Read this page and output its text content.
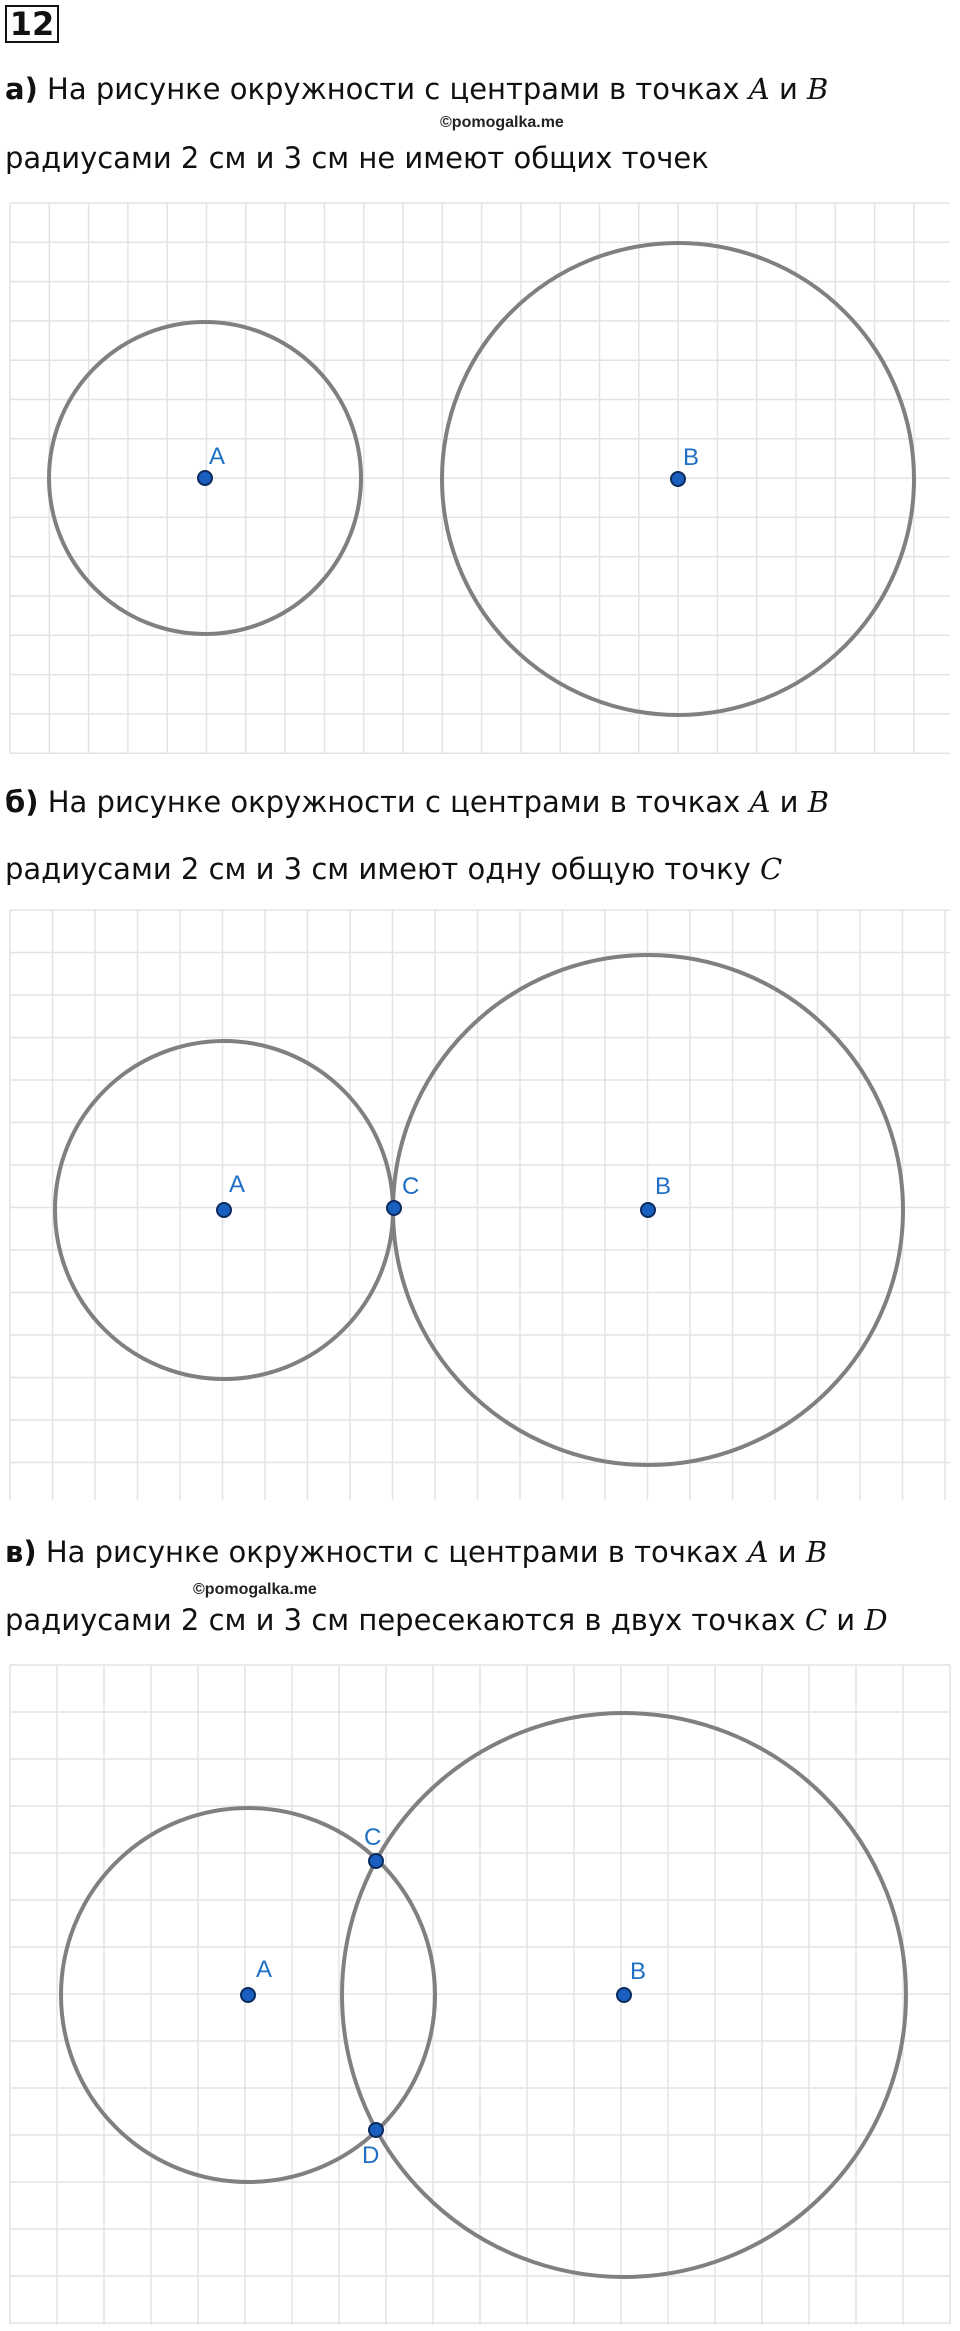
12
а) На рисунке окружности с центрами в точках A и B
©pomogalka.me
радиусами 2 см и 3 см не имеют общих точек
A	B
б) На рисунке окружности с центрами в точках A и B
радиусами 2 см и 3 см имеют одну общую точку C
A	C	B
в) На рисунке окружности с центрами в точках A и B
©pomogalka.me
радиусами 2 см и 3 см пересекаются в двух точках C и D
A
C
B
D
